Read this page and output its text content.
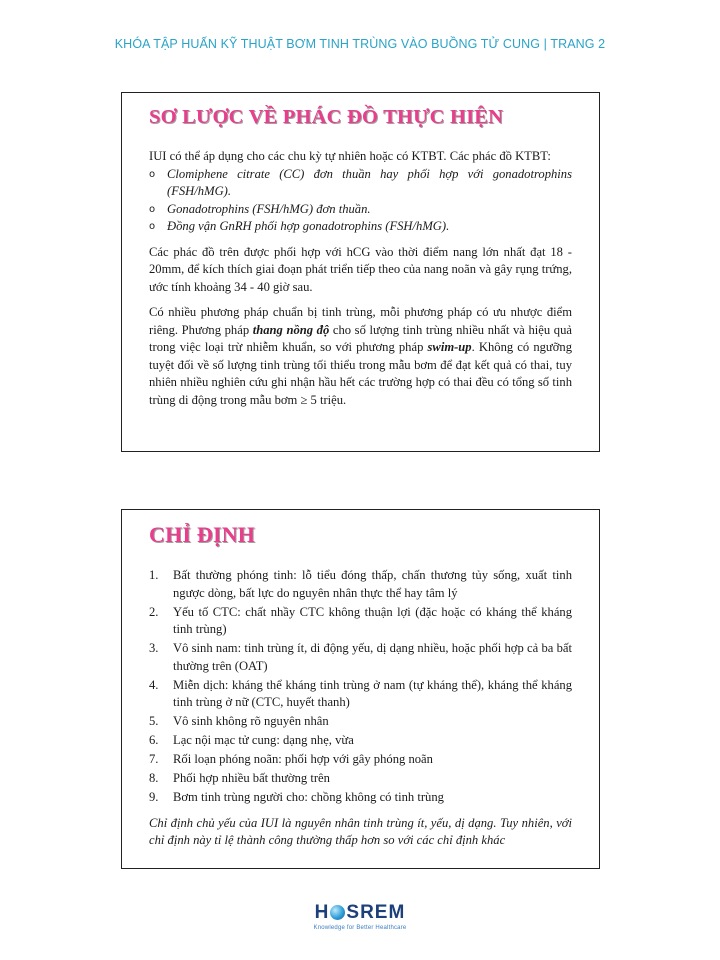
KHÓA TẬP HUẤN KỸ THUẬT BƠM TINH TRÙNG VÀO BUỒNG TỬ CUNG | TRANG 2
SƠ LƯỢC VỀ PHÁC ĐỒ THỰC HIỆN

IUI có thể áp dụng cho các chu kỳ tự nhiên hoặc có KTBT. Các phác đồ KTBT:

o Clomiphene citrate (CC) đơn thuần hay phối hợp với gonadotrophins (FSH/hMG).
o Gonadotrophins (FSH/hMG) đơn thuần.
o Đồng vận GnRH phối hợp gonadotrophins (FSH/hMG).

Các phác đồ trên được phối hợp với hCG vào thời điểm nang lớn nhất đạt 18 - 20mm, để kích thích giai đoạn phát triển tiếp theo của nang noãn và gây rụng trứng, ước tính khoảng 34 - 40 giờ sau.

Có nhiều phương pháp chuẩn bị tinh trùng, mỗi phương pháp có ưu nhược điểm riêng. Phương pháp thang nồng độ cho số lượng tinh trùng nhiều nhất và hiệu quả trong việc loại trừ nhiễm khuẩn, so với phương pháp swim-up. Không có ngưỡng tuyệt đối về số lượng tinh trùng tối thiểu trong mẫu bơm để đạt kết quả có thai, tuy nhiên nhiều nghiên cứu ghi nhận hầu hết các trường hợp có thai đều có tổng số tinh trùng di động trong mẫu bơm ≥ 5 triệu.

CHỈ ĐỊNH
1. Bất thường phóng tinh: lỗ tiểu đóng thấp, chấn thương tủy sống, xuất tinh ngược dòng, bất lực do nguyên nhân thực thể hay tâm lý
2. Yếu tố CTC: chất nhầy CTC không thuận lợi (đặc hoặc có kháng thể kháng tinh trùng)
3. Vô sinh nam: tinh trùng ít, di động yếu, dị dạng nhiều, hoặc phối hợp cả ba bất thường trên (OAT)
4. Miễn dịch: kháng thể kháng tinh trùng ở nam (tự kháng thể), kháng thể kháng tinh trùng ở nữ (CTC, huyết thanh)
5. Vô sinh không rõ nguyên nhân
6. Lạc nội mạc tử cung: dạng nhẹ, vừa
7. Rối loạn phóng noãn: phối hợp với gây phóng noãn
8. Phối hợp nhiều bất thường trên
9. Bơm tinh trùng người cho: chồng không có tinh trùng

Chỉ định chủ yếu của IUI là nguyên nhân tinh trùng ít, yếu, dị dạng. Tuy nhiên, với chỉ định này tỉ lệ thành công thường thấp hơn so với các chỉ định khác

H SREM
Knowledge for Better Healthcare
